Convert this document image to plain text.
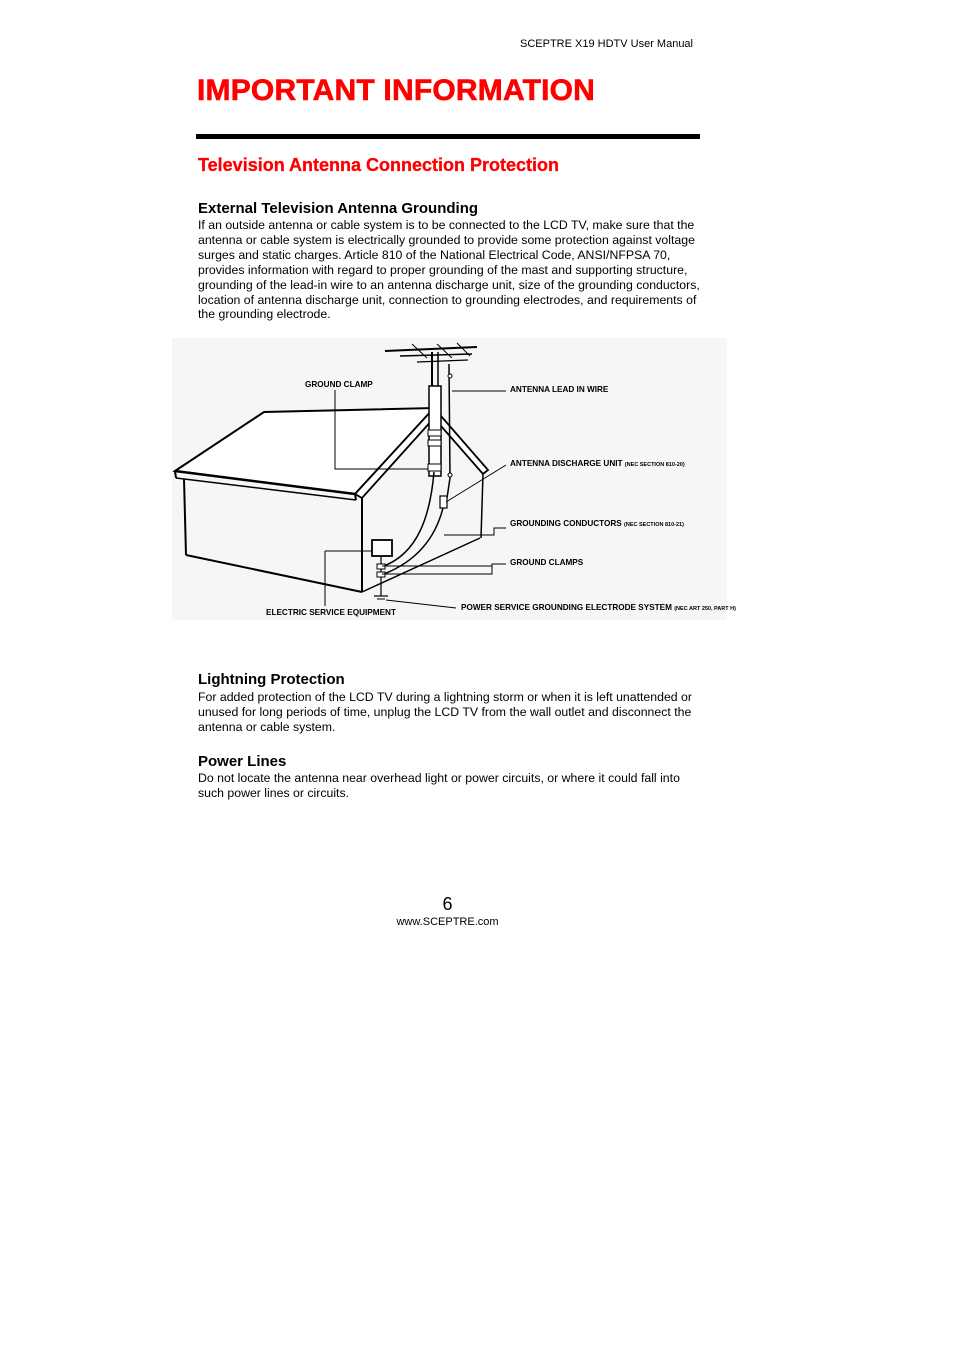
SCEPTRE X19 HDTV User Manual
IMPORTANT INFORMATION
Television Antenna Connection Protection
External Television Antenna Grounding

If an outside antenna or cable system is to be connected to the LCD TV, make sure that the antenna or cable system is electrically grounded to provide some protection against voltage surges and static charges. Article 810 of the National Electrical Code, ANSI/NFPSA 70, provides information with regard to proper grounding of the mast and supporting structure, grounding of the lead-in wire to an antenna discharge unit, size of the grounding conductors, location of antenna discharge unit, connection to grounding electrodes, and requirements of the grounding electrode.

GROUND CLAMP
ANTENNA LEAD IN WIRE
ANTENNA DISCHARGE UNIT (NEC SECTION 810-20)
GROUNDING CONDUCTORS (NEC SECTION 810-21)
GROUND CLAMPS
ELECTRIC SERVICE EQUIPMENT
POWER SERVICE GROUNDING ELECTRODE SYSTEM (NEC ART 250, PART H)
Lightning Protection

For added protection of the LCD TV during a lightning storm or when it is left unattended or unused for long periods of time, unplug the LCD TV from the wall outlet and disconnect the antenna or cable system.

Power Lines

Do not locate the antenna near overhead light or power circuits, or where it could fall into such power lines or circuits.

6
www.SCEPTRE.com
